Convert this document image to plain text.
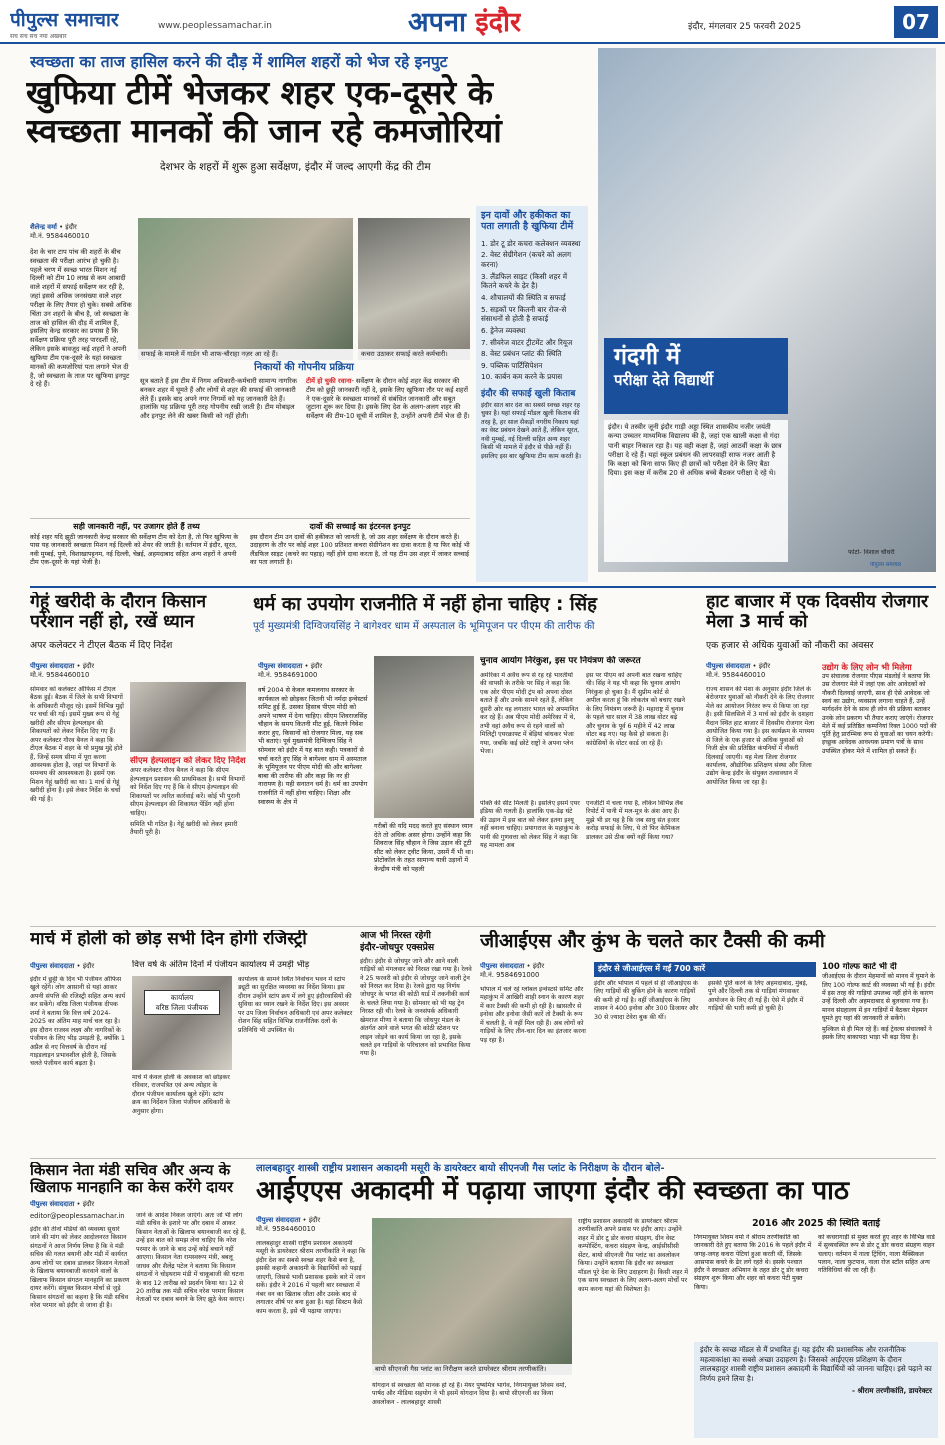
पीपुल्स समाचार
सच सच सच नया अखबार
www.peoplessamachar.in	अपना इंदौर	इंदौर, मंगलवार 25 फरवरी 2025	07
स्वच्छता का ताज हासिल करने की दौड़ में शामिल शहरों को भेज रहे इनपुट
खुफिया टीमें भेजकर शहर एक-दूसरे के
स्वच्छता मानकों की जान रहे कमजोरियां
देशभर के शहरों में शुरू हुआ सर्वेक्षण, इंदौर में जल्द आएगी केंद्र की टीम
शैलेन्द्र वर्मा • इंदौर
मो.नं. 9584460010
देश के चार टाप पांच की शहरों के बीच स्वच्छता की परीक्षा आरंभ हो चुकी है। पहले चरण में स्वच्छ भारत मिशन नई दिल्ली को टीम 10 लाख से कम आबादी वाले शहरों में सफाई सर्वेक्षण कर रही है, जहां इससे अधिक जनसंख्या वाले शहर परीक्षा के लिए तैयार हो चुके। सबसे अधिक चिंता उन शहरों के बीच है, जो स्वच्छता के ताज को हासिल की दौड़ में शामिल हैं, इसलिए केन्द्र सरकार का प्रयास है कि सर्वेक्षण प्रक्रिया पूरी तरह पारदर्शी रहे, लेकिन इसके बावजूद कई शहरों ने अपनी खुफिया टीम एक-दूसरे के यहां स्वच्छता मानकों की कमजोरियां पता लगाने भेज दी है, जो स्वच्छता के ताज पर खुफिया इनपुट दे रहे हैं।
सफाई के मामले में गार्डन भी शाफ-चौराहा नज़र आ रहे हैं।	कचरा उठाकर सफाई करते कर्मचारी।
निकायों की गोपनीय प्रक्रिया
सूत्र बताते हैं इस टीम में निगम अधिकारी-कर्मचारी सामान्य नागरिक बनकर शहर में घूमते हैं और लोगों से शहर की सफाई की जानकारी लेते हैं। इसके बाद अपने नगर निगमों को यह जानकारी देते हैं। हालांकि यह प्रक्रिया पूरी तरह गोपनीय रखी जाती है। टीम मोबाइल और इनपुट लेने की खबर किसी को नहीं होती।
टीमें हो चुकी रवाना- सर्वेक्षण के दौरान कोई शहर केंद्र सरकार की टीम को छुट्टी जानकारी नहीं दे, इसके लिए खुफिया तौर पर कई शहरों ने एक-दूसरे के स्वच्छता मानकों से संबंधित जानकारी और सबूत जुटाना शुरू कर दिया है। इसके लिए देश के अलग-अलग शहर की सर्वेक्षण की टीम-10 सूची में शामिल है, उन्होंने अपनी टीमें भेज दी हैं।
सही जानकारी नहीं, पर उजागर होते हैं तथ्य
कोई शहर यदि झूठी जानकारी केन्द्र सरकार की सर्वेक्षण टीम को देता है, तो फिर खुफिया के पास यह जानकारी स्वच्छता मिशन नई दिल्ली को शेयर की जाती है। वर्तमान में इंदौर, सूरत, नवी मुम्बई, पुणे, विशाखापट्टनम, नई दिल्ली, चेन्नई, अहमदाबाद सहित अन्य शहरों ने अपनी टीम एक-दूसरे के यहां भेजी है।
दावों की सच्चाई का इंटरनल इनपुट
इस दौरान टीम उन दावों की हकीकत को जानती है, जो उस शहर सर्वेक्षण के दौरान करते हैं। उदाहरण के तौर पर कोई शहर 100 प्रतिशत कचरा सेग्रीगेशन का दावा करता है या फिर कोई भी लैंडफिल साइट (कचरे का पहाड़) नहीं होने दावा करता है, तो यह टीम उस शहर में जाकर सच्चाई का पता लगाती है।
इन दावों और हकीकत का पता लगाती है खुफिया टीमें
1. डोर टू डोर कचरा कलेक्शन व्यवस्था
2. वेस्ट सेग्रीगेशन (कचरे को अलग करना)
3. लैंडफिल साइट (किसी शहर में कितने कचरे के ढ़ेर है)
4. शौचालयों की स्थिति व सफाई
5. सड़कों पर कितनी बार रोज-से संसाधनों से होती है सफाई
6. ड्रेनेज व्यवस्था
7. सीवरेज वाटर ट्रीटमेंट और रियूज
8. वेस्ट प्रबंधन प्लांट की स्थिति
9. पब्लिक पार्टिसिपेशन
10. कार्बन कम करने के प्रयास
इंदौर की सफाई खुली किताब
इंदौर सात बार देश का सबसे स्वच्छ शहर रह चुका है। यहां सफाई मॉडल खुली किताब की तरह है, हर साल सैकड़ों नगरीय निकाय यहां का वेस्ट प्रबंधन देखने आते हैं, लेकिन सूरत, नवी मुम्बई, नई दिल्ली सहित अन्य शहर किसी भी मामले में इंदौर से पीछे नहीं हैं। इसलिए इस बार खुफिया टीम काम करती है।
गंदगी में
परीक्षा देते विद्यार्थी
इंदौर। ये तस्वीर जूनी इंदौर गाड़ी अड्डा स्थित शासकीय नजीर जयंती कन्या उच्चतर माध्यमिक विद्यालय की है, जहां एक खाली कक्षा से गंदा पानी बाहर निकाल रहा है। यह वही कक्षा है, जहां आठवीं कक्षा के छात्र परीक्षा दे रहे हैं। यहां स्कूल प्रबंधन की लापरवाही साफ नजर आती है कि कक्षा को बिना साफ किए ही छात्रों को परीक्षा देने के लिए बैठा दिया। इस कक्ष में करीब 20 से अधिक बच्चे बैठकर परीक्षा दे रहे थे।
फोटो- विशाल चौधरी
पीपुल्स समाचार
गेहूं खरीदी के दौरान किसान परेशान नहीं हो, रखें ध्यान
अपर कलेक्टर ने टीएल बैठक में दिए निर्देश
पीपुल्स संवाददाता • इंदौर
मो.नं. 9584460010
सोमवार को कलेक्टर ऑफिस में टीएल बैठक हुई। बैठक में जिले के सभी विभागों के अधिकारी मौजूद रहे। इसमें विभिन्न मुद्दों पर चर्चा की गई। इसमें मुख्य रूप से गेहूं खरीदी और सीएम हेल्पलाइन की शिकायतों को लेकर निर्देश दिए गए हैं। अपर कलेक्टर गौरव बैनल ने कहा कि टीएल बैठक में शहर के यो प्रमुख मुद्दे होते हैं, जिन्हें समय सीमा में पूरा करना आवश्यक होता है, जहां पर विभागों के समन्वय की आवश्यकता है। इसमें एक मिशन गेहूं खरीदी का था। 1 मार्च से गेहूं खरीदी होना है। इसे लेकर निर्देश के चर्चा की गई है।
सीएम हेल्पलाइन को लेकर दिए निर्देश
अपर कलेक्टर गौरव बैनल ने कहा कि सीएम हेल्पलाइन प्रशासन की प्राथमिकता है। सभी विभागों को निर्देश दिए गए हैं कि वे सीएम हेल्पलाइन की शिकायतों पर त्वरित कार्रवाई करें। कोई भी पुरानी सीएम हेल्पलाइन की शिकायत पेंडिंग नहीं होना चाहिए।
समिति भी गठित है। गेहूं खरीदी को लेकर हमारी तैयारी पूरी है।
धर्म का उपयोग राजनीति में नहीं होना चाहिए : सिंह
पूर्व मुख्यमंत्री दिग्विजयसिंह ने बागेश्वर धाम में अस्पताल के भूमिपूजन पर पीएम की तारीफ की
पीपुल्स संवाददाता • इंदौर
मो.नं. 9584691000
वर्ष 2004 से केवल कमलनाथ सरकार के कार्यकाल को छोड़कर जितनी भी नर्मदा इन्वेस्टर्स समिट हुई हैं, उसका हिसाब पीएम मोदी को अपने भाषण में देना चाहिए। सीएम शिवराजसिंह चौहान के समय कितनी मीट हुई, कितने निवेश करार हुए, किसानों को रोजगार मिला, यह सब भी बताएं। पूर्व मुख्यमंत्री दिग्विजय सिंह ने सोमवार को इंदौर में यह बात कही। पत्रकारों से चर्चा करते हुए सिंह ने बागेश्वर धाम में अस्पताल के भूमिपूजन पर पीएम मोदी की और बागेश्वर बाबा की तारीफ की और कहा कि नर ही नारायण है। यही सनातन धर्म है। धर्म का उपयोग राजनीति में नहीं होना चाहिए। शिक्षा और स्वास्थ्य के क्षेत्र में
गरीबों की यदि मदद करते हुए संस्थान ध्यान देते तो अधिक असर होगा। उन्होंने कहा कि शिवराज सिंह चौहान ने जिस उड़ान की टूटी सीट को लेकर ट्वीट किया, उसमें मैं भी था। प्रोटोकॉल के तहत सामान्य यात्री उड़ानों में केन्द्रीय मंत्री को पहली
चुनाव आयोग निरंकुश, इस पर नियंत्रण की जरूरत
अमेरिका में अवैध रूप से रह रहे भारतीयों की वापसी के तरीके पर सिंह ने कहा कि एक ओर पीएम मोदी ट्रंप को अपना दोस्त बताते हैं और उनके सामने रहते हैं, लेकिन दूसरी ओर वह लगातार भारत को अपमानित कर रहे हैं। अब पीएम मोदी अमेरिका में थे, तभी वहां अवैध रूप से रहने वालों को मिलिट्री एयरक्राफ्ट में बेड़ियां बांधकर भेजा गया, जबकि कई छोटे राष्ट्रों ने अपना प्लेन भेजा।
पंक्ति की सीट मिलती है। इसलिए इसमें एयर इंडिया की गलती है। हालांकि एक-डेढ़ घंटे की उड़ान में इस बात को लेकर इतना इश्यू नहीं बनाना चाहिए। प्रयागराज के महाकुंभ के पानी की गुणवत्ता को लेकर सिंह ने कहा कि यह मामला अब
इस पर पीएम को अपनी बात रखना चाहिए थी। सिंह ने यह भी कहा कि चुनाव आयोग निरंकुश हो चुका है। मैं सुप्रीम कोर्ट से अपील करता हूं कि लोकतंत्र को बचाए रखने के लिए नियंत्रण जरूरी है। महाराष्ट्र में चुनाव के पहले चार साल में 38 लाख वोटर बढ़े और चुनाव के पूर्व 6 महीने में 42 लाख वोटर बढ़ गए। यह कैसे हो सकता है। कांग्रेसियों के वोटर कार्ड जा रहे हैं।
एनजीटी में चला गया है, लेकिन विभिन्न लैब रिपोर्ट में पानी में मल-मूत्र के अंश आए हैं। मुझे भी डर यह है कि जब साधु संत हजार करोड़ सफाई के लिए, ये तो फिर केमिकल डालकर उसे ठीक क्यों नहीं किया गया?
हाट बाजार में एक दिवसीय रोजगार मेला 3 मार्च को
एक हजार से अधिक युवाओं को नौकरी का अवसर
पीपुल्स संवाददाता • इंदौर
मो.नं. 9584460010
राज्य शासन की मंशा के अनुसार इंदौर जिले के बेरोजगार युवाओं को नौकरी देने के लिए रोजगार मेले का आयोजन निरंतर रूप से किया जा रहा है। इसी सिलसिले में 3 मार्च को इंदौर के दशहरा मैदान स्थित हाट बाजार में दिवसीय रोजगार मेला आयोजित किया गया है। इस कार्यक्रम के माध्यम से जिले के एक हजार से अधिक युवाओं को निजी क्षेत्र की प्रतिष्ठित कंपनियों में नौकरी दिलवाई जाएगी। यह मेला जिला रोजगार कार्यालय, औद्योगिक प्रशिक्षण संस्था और जिला उद्योग केन्द्र इंदौर के संयुक्त तत्वावधान में आयोजित किया जा रहा है।
उद्योग के लिए लोन भी मिलेगा
उप संचालक रोजगार पीएस मंडलोई ने बताया कि उस रोजगार मेले में जहां एक ओर आवेदकों को नौकरी दिलवाई जाएगी, साथ ही ऐसे आवेदक जो स्वयं का उद्योग, व्यवसाय लगाना चाहते हैं, उन्हें मार्गदर्शन देने के साथ ही लोन की प्रक्रिया बताकर उनके लोन प्रकरण भी तैयार कराए जाएंगे। रोजगार मेले में कई प्रतिष्ठित कम्पनियां रिक्त 1000 पदों की पूर्ति हेतु प्रारम्भिक रूप से युवाओं का चयन करेगी। इच्छुक आवेदक आवश्यक प्रमाण पत्रों के साथ उपस्थित होकर मेले में शामिल हो सकते हैं।
मार्च में होली को छोड़ सभी दिन होगी रजिस्ट्री
पीपुल्स संवाददाता • इंदौर
इंदौर में छुट्टी के दिन भी पंजीयन ऑफिस खुले रहेंगे। लोग आसानी से यहां आकर अपनी संपत्ति की रजिस्ट्री सहित अन्य कार्य कर सकेंगे। वरिष्ठ जिला पंजीयक दीपक शर्मा ने बताया कि वित्त वर्ष 2024-2025 का अंतिम माह मार्च चल रहा है। इस दौरान राजस्व लक्ष्य और नागरिकों के पंजीयन के लिए भीड़ उमड़ती है, क्योंकि 1 अप्रैल से नए वित्तवर्ष के दौरान नई गाइडलाइन प्रभावशील होती है, जिसके चलते पंजीयन कार्य बढ़ता है।
वित्त वर्ष के अंतिम दिनों में पंजीयन कार्यालय में उमड़ी भीड़
कार्यालय
वरिष्ठ जिला पंजीयक
मार्च में केवल होली के अवकाश को छोड़कर रविवार, राजपत्रित एवं अन्य त्योहार के दौरान पंजीयन कार्यालय खुले रहेंगे। स्टांप क्रय का निर्देशन जिला पंजीयन अधिकारी के अनुसार होगा।
कार्यालय के सामने स्थित निर्वाचन भवन में स्टांप ड्यूटी का सुरक्षित व्यवस्था का निर्देश किया। इस दौरान उन्होंने स्टांप क्रय में लगे हुए इंदौरवासियों की सुविधा का ध्यान रखने के निर्देश दिए। इस अवसर पर उप जिला निर्वाचन अधिकारी एवं अपर कलेक्टर रोशन सिंह सहित विभिन्न राजनीतिक दलों के प्रतिनिधि भी उपस्थित थे।
आज भी निरस्त रहेगी
इंदौर-जोधपुर एक्सप्रेस
इंदौर। इंदौर से जोधपुर जाने और आने वाली गाड़ियों को मंगलवार को निरस्त रखा गया है। रेलवे ने 25 फरवरी को इंदौर से जोधपुर जाने वाली ट्रेन को निरस्त कर दिया है। रेलवे द्वारा यह निर्णय जोधपुर के भगत की कोठी यार्ड में तकनीकी कार्य के चलते लिया गया है। सोमवार को भी यह ट्रेन निरस्त रही थी। रेलवे के जनसंपर्क अधिकारी खेमराज मीणा ने बताया कि जोधपुर मंडल के अंतर्गत आने वाले भगत की कोठी स्टेशन पर लाइन जोड़ने का कार्य किया जा रहा है, इसके चलते इन गाड़ियों के परिचालन को प्रभावित किया गया है।
जीआईएस और कुंभ के चलते कार टैक्सी की कमी
पीपुल्स संवाददाता • इंदौर
मो.नं. 9584691000
इंदौर से जीआईएस में गईं 700 कारें
भोपाल में चले रहे ग्लोबल इन्वेस्टर्स समिट और महाकुंभ में आखिरी शाही स्नान के कारण शहर में कार टैक्सी की कमी हो रही है। खासतौर से इनोवा और इनोवा जैसी कारें तो टैक्सी के रूप में चलती है, वे नहीं मिल रही हैं। अब लोगों को गाड़ियों के लिए तीन-चार दिन का इंतजार करना पड़ रहा है।
इंदौर और भोपाल में पहले से ही जीआईएस के लिए गाड़ियों की बुकिंग होने के कारण गाड़ियों की कमी हो गई है। वहीं जीआईएस के लिए शासन ने 400 इनोवा और 300 डिजायर और 30 से ज्यादा टेवेरा बुक की थीं।
इसकी पूर्ति करने के लिए अहमदाबाद, मुंबई, पुणे और दिल्ली तक से गाड़ियां मंगवाकर आयोजन के लिए दी गई हैं। ऐसे में इंदौर में गाड़ियों की भारी कमी हो चुकी है।
100 गोल्फ कार्ट भी दी
जीआईएस के दौरान मेहमानों को मानव में घुमाने के लिए 100 गोल्फ कार्ट की व्यवस्था भी गई है। इंदौर में इस तरह की गाड़ियां उपलब्ध नहीं होने के कारण उन्हें दिल्ली और अहमदाबाद से बुलवाया गया है। मानव संग्रहालय में इन गाड़ियों में बैठकर मेहमान घूमते हुए यहां की जानकारी ले सकेंगे।
मुश्किल से ही मिल रहे हैं। कई ट्रेवल्स संचालकों ने इसके लिए बाकायदा भाड़ा भी बढ़ा दिया है।
किसान नेता मंडी सचिव और अन्य के खिलाफ मानहानि का केस करेंगे दायर
पीपुल्स संवाददाता • इंदौर
editor@peoplessamachar.in
इंदौर की तीनों मंडियों की व्यवस्था सुधारे जाने की मांग को लेकर आदोलनरत किसान संगठनों ने आज निर्णय लिया है कि वे मंडी सचिव की गलत बयानी और मंडी में कार्यरत अन्य लोगों पर दबाव डालकर किसान नेताओं के खिलाफ बयानबाजी करवाने वालों के खिलाफ किसान संगठन मानहानि का प्रकरण दायर करेंगे। संयुक्त किसान मोर्चा से जुड़े किसान संगठनों का कहना है कि मंडी सचिव नरेश परमार को इंदौर से जाना ही है।
जाने के आदेश निकल जाएंगे। अतः जो भी लोग मंडी सचिव के इशारे पर और दबाव में आकर किसान नेताओं के खिलाफ बयानबाजी कर रहे हैं, उन्हें इस बात को समझ लेना चाहिए कि नरेश परमार के जाने के बाद उन्हें कोई बचाने नहीं आएगा। किसान नेता रामस्वरूप मंत्री, बबलू जाधव और शैलेंद्र पटेल ने बताया कि किसान संगठनों ने चोइथराम मंडी में चाकूबाजी की घटना के बाद 12 तारीख को प्रदर्शन किया था। 12 से 20 तारीख तक मंडी सचिव नरेश परमार किसान नेताओं पर दबाव बनाने के लिए झूठे केस कराए।
लालबहादुर शास्त्री राष्ट्रीय प्रशासन अकादमी मसूरी के डायरेक्टर बायो सीएनजी गैस प्लांट के निरीक्षण के दौरान बोले-
आईएएस अकादमी में पढ़ाया जाएगा इंदौर की स्वच्छता का पाठ
पीपुल्स संवाददाता • इंदौर
मो.नं. 9584460010
लालबहादुर शास्त्री राष्ट्रीय प्रशासन अकादमी मसूरी के डायरेक्टर श्रीराम तरणीकांति ने कहा कि इंदौर देश का सबसे स्वच्छ शहर कैसे बना है, इसकी कहानी अकादमी के विद्यार्थियों को पढ़ाई जाएगी, जिससे भावी प्रशासक इसके बारे में जान सकें। इंदौर ने 2016 में पहली बार स्वच्छता में नंबर वन का खिताब जीता और उसके बाद से लगातार शीर्ष पर बना हुआ है। यहां सिस्टम कैसे काम करता है, इसे भी पढ़ाया जाएगा।
बायो सीएनजी गैस प्लांट का निरीक्षण करते डायरेक्टर श्रीराम तरणीकांति।
योगदान से स्वच्छता की मानक हो रहे हैं। मेयर पुष्यमित्र भार्गव, निगमायुक्त शिवम वर्मा, पार्षद और मीडिया सहयोग ने भी इसमें योगदान दिया है। बायो सीएनजी का किया अवलोकन - लालबहादुर शास्त्री
राष्ट्रीय प्रशासन अकादमी के डायरेक्टर श्रीराम तरणीकांति अपने प्रवास पर इंदौर आए। उन्होंने शहर में डोर टू डोर कचरा संग्रहण, ग्रीन वेस्ट कम्पोस्टिंग, कचरा संग्रहण केन्द्र, आईसीसीसी सेंटर, बायो सीएनजी गैस प्लांट का अवलोकन किया। उन्होंने बताया कि इंदौर का स्वच्छता मॉडल पूरे देश के लिए उदाहरण है। किसी शहर में एक साथ स्वच्छता के लिए अलग-अलग मोर्चों पर काम करना यहां की विशेषता है।
2016 और 2025 की स्थिति बताई
निगमायुक्त शिवम वर्मा ने श्रीराम तरणीकांति को जानकारी देते हुए बताया कि 2016 के पहले इंदौर में जगह-जगह कचरा पेटियां हुआ करती थीं, जिसके आसपास कचरे के ढेर लगे रहते थे। इसके पश्चात इंदौर ने स्वच्छता अभियान के तहत डोर टू डोर कचरा संग्रहण शुरू किया और शहर को कचरा पेटी मुक्त किया।
को कचरागाड़ी से मुक्त करते हुए शहर के विभिन्न वार्ड में सुव्यवस्थित रूप से डोर टू डोर कचरा संग्रहण वाहन चलाए। वर्तमान में नाला ट्रिंचिंग, नाला मैक्सिकल पलान, नाला फुटपाथ, नाला रोज स्टॉल सहित अन्य गतिविधियां की जा रही हैं।
इंदौर के स्वच्छ मॉडल से मैं प्रभावित हूं। यह इंदौर की प्रशासनिक और राजनीतिक महत्वाकांक्षा का सबसे अच्छा उदाहरण है। जिसको आईएएस प्रशिक्षण के दौरान लालबहादुर शास्त्री राष्ट्रीय प्रशासन अकादमी के विद्यार्थियों को जानना चाहिए। इसे पढ़ाने का निर्णय हमने लिया है।
- श्रीराम तरणीकांति, डायरेक्टर
